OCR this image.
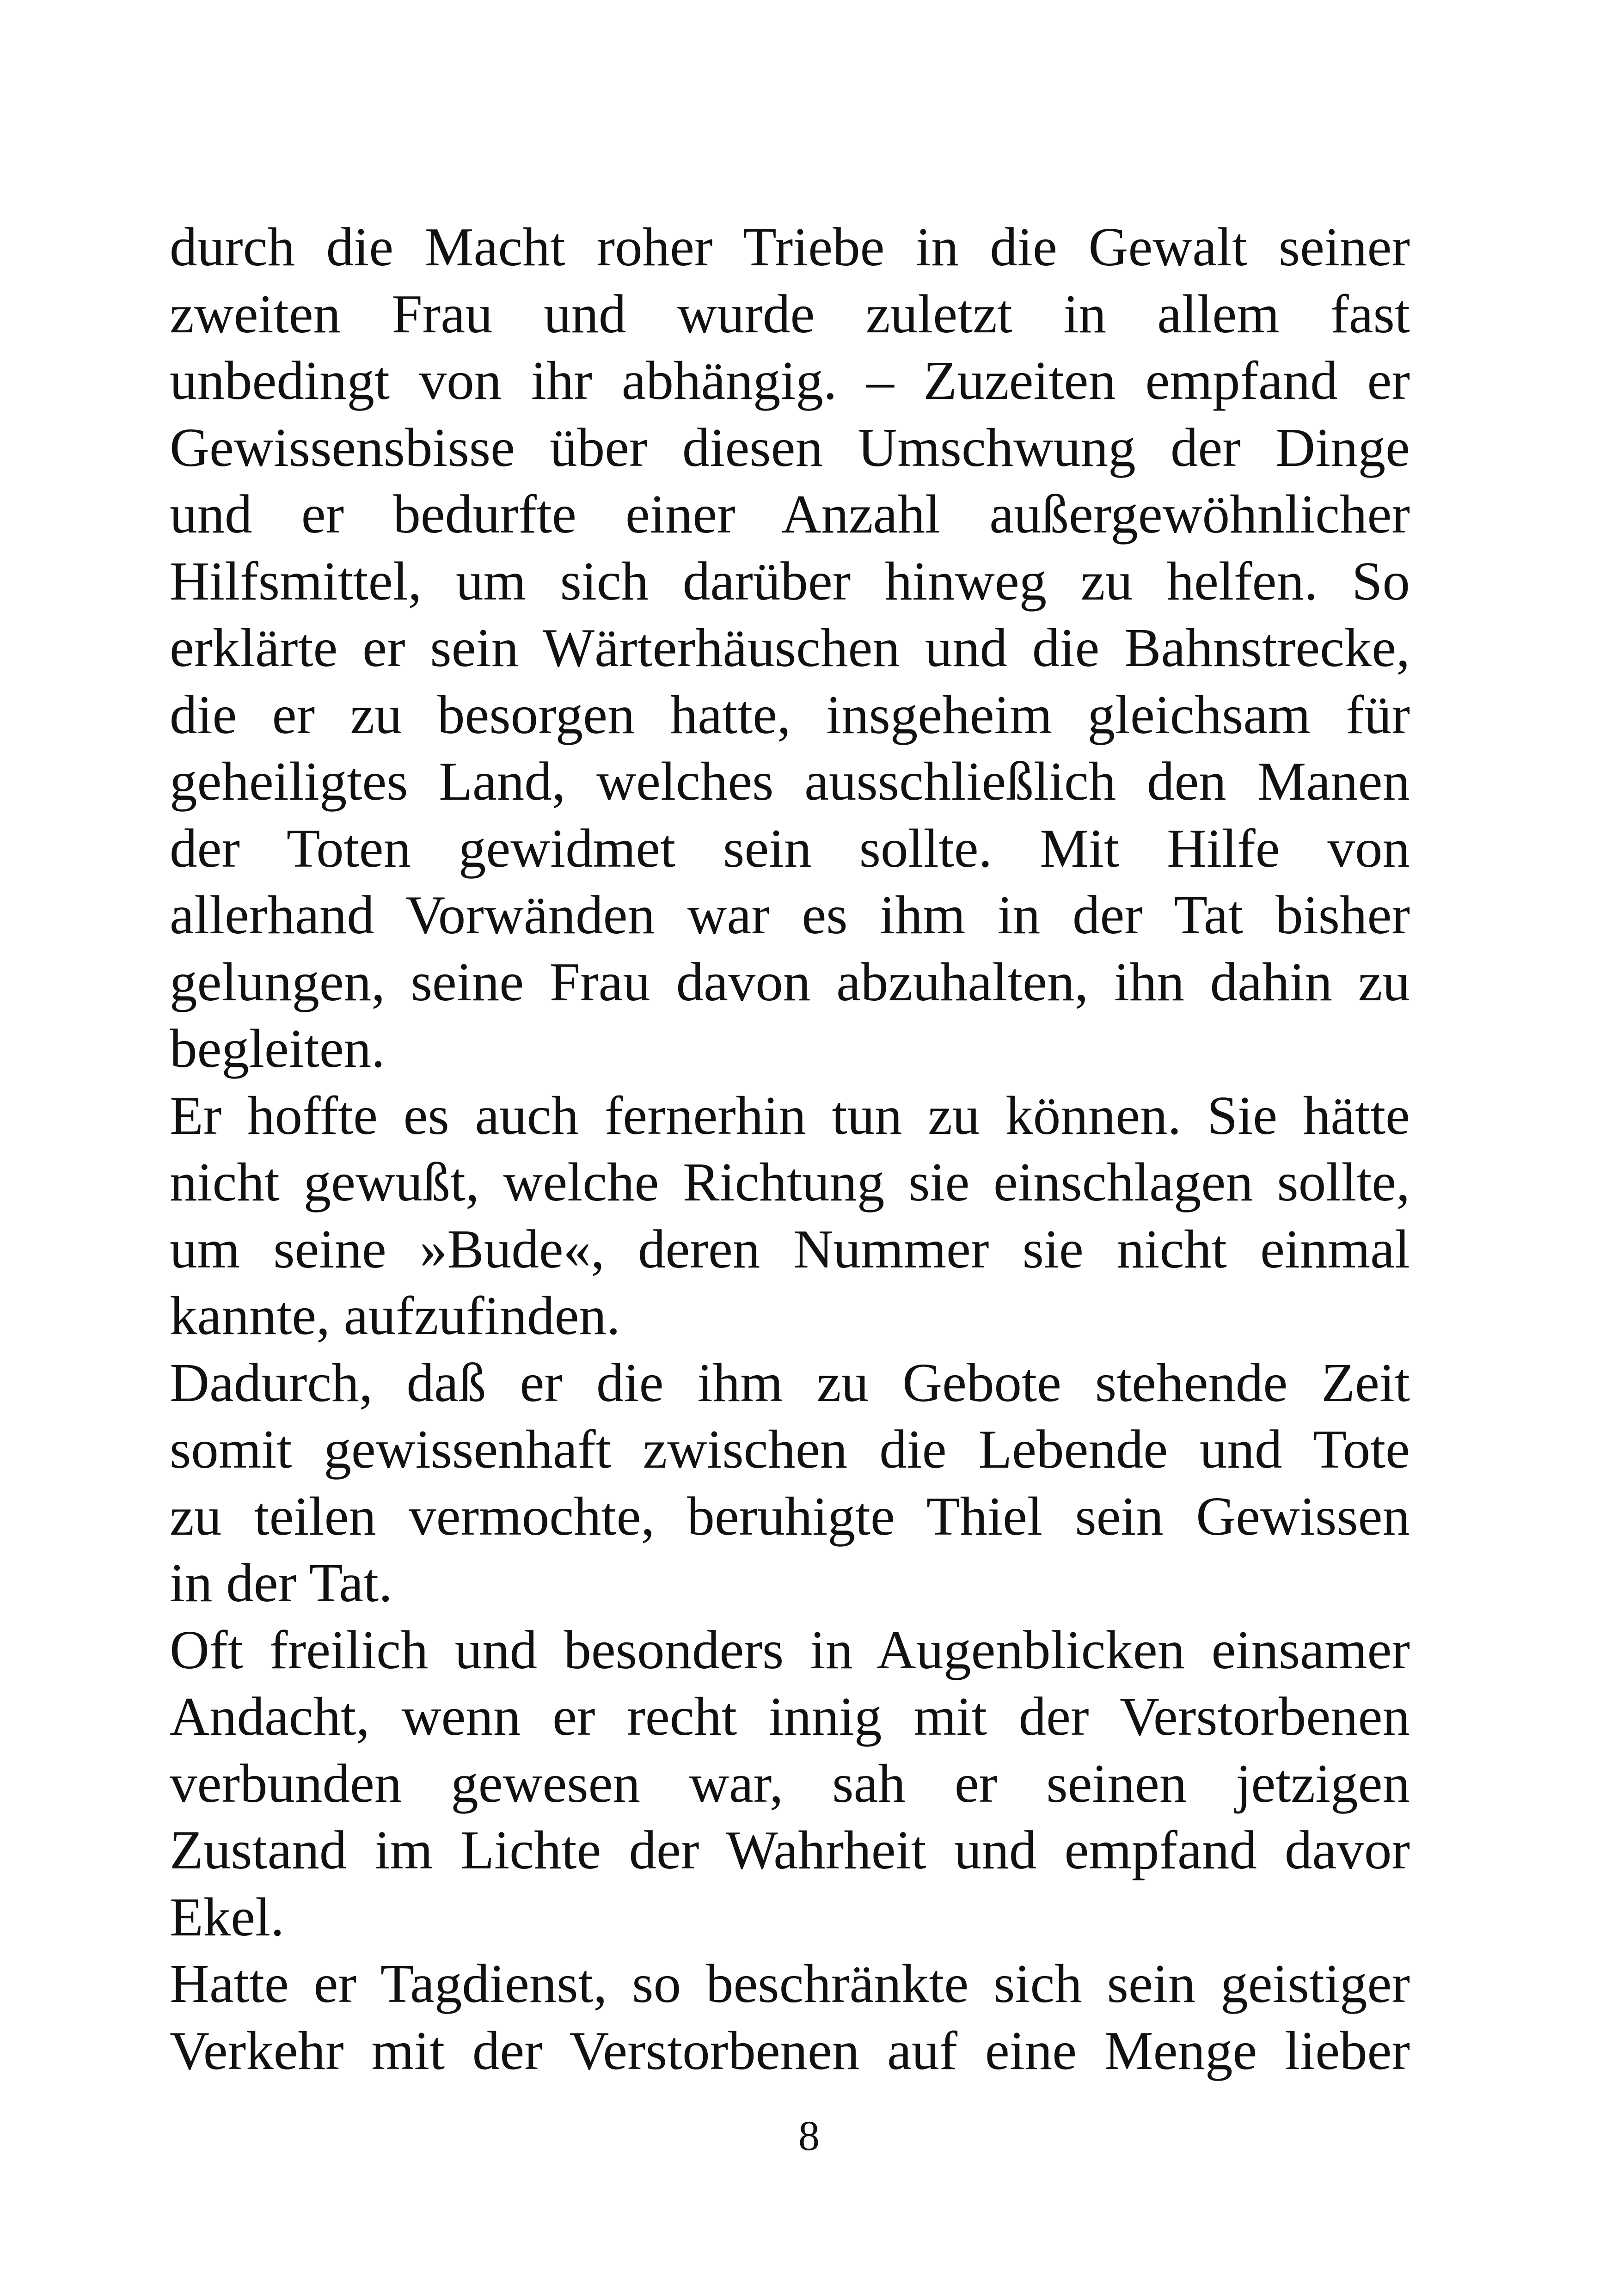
durch die Macht roher Triebe in die Gewalt seiner
zweiten Frau und wurde zuletzt in allem fast
unbedingt von ihr abhängig. – Zuzeiten empfand er
Gewissensbisse über diesen Umschwung der Dinge
und er bedurfte einer Anzahl außergewöhnlicher
Hilfsmittel, um sich darüber hinweg zu helfen. So
erklärte er sein Wärterhäuschen und die Bahnstrecke,
die er zu besorgen hatte, insgeheim gleichsam für
geheiligtes Land, welches ausschließlich den Manen
der Toten gewidmet sein sollte. Mit Hilfe von
allerhand Vorwänden war es ihm in der Tat bisher
gelungen, seine Frau davon abzuhalten, ihn dahin zu
begleiten.

Er hoffte es auch fernerhin tun zu können. Sie hätte
nicht gewußt, welche Richtung sie einschlagen sollte,
um seine »Bude«, deren Nummer sie nicht einmal
kannte, aufzufinden.

Dadurch, daß er die ihm zu Gebote stehende Zeit
somit gewissenhaft zwischen die Lebende und Tote
zu teilen vermochte, beruhigte Thiel sein Gewissen
in der Tat.

Oft freilich und besonders in Augenblicken einsamer
Andacht, wenn er recht innig mit der Verstorbenen
verbunden gewesen war, sah er seinen jetzigen
Zustand im Lichte der Wahrheit und empfand davor
Ekel.

Hatte er Tagdienst, so beschränkte sich sein geistiger
Verkehr mit der Verstorbenen auf eine Menge lieber

8
